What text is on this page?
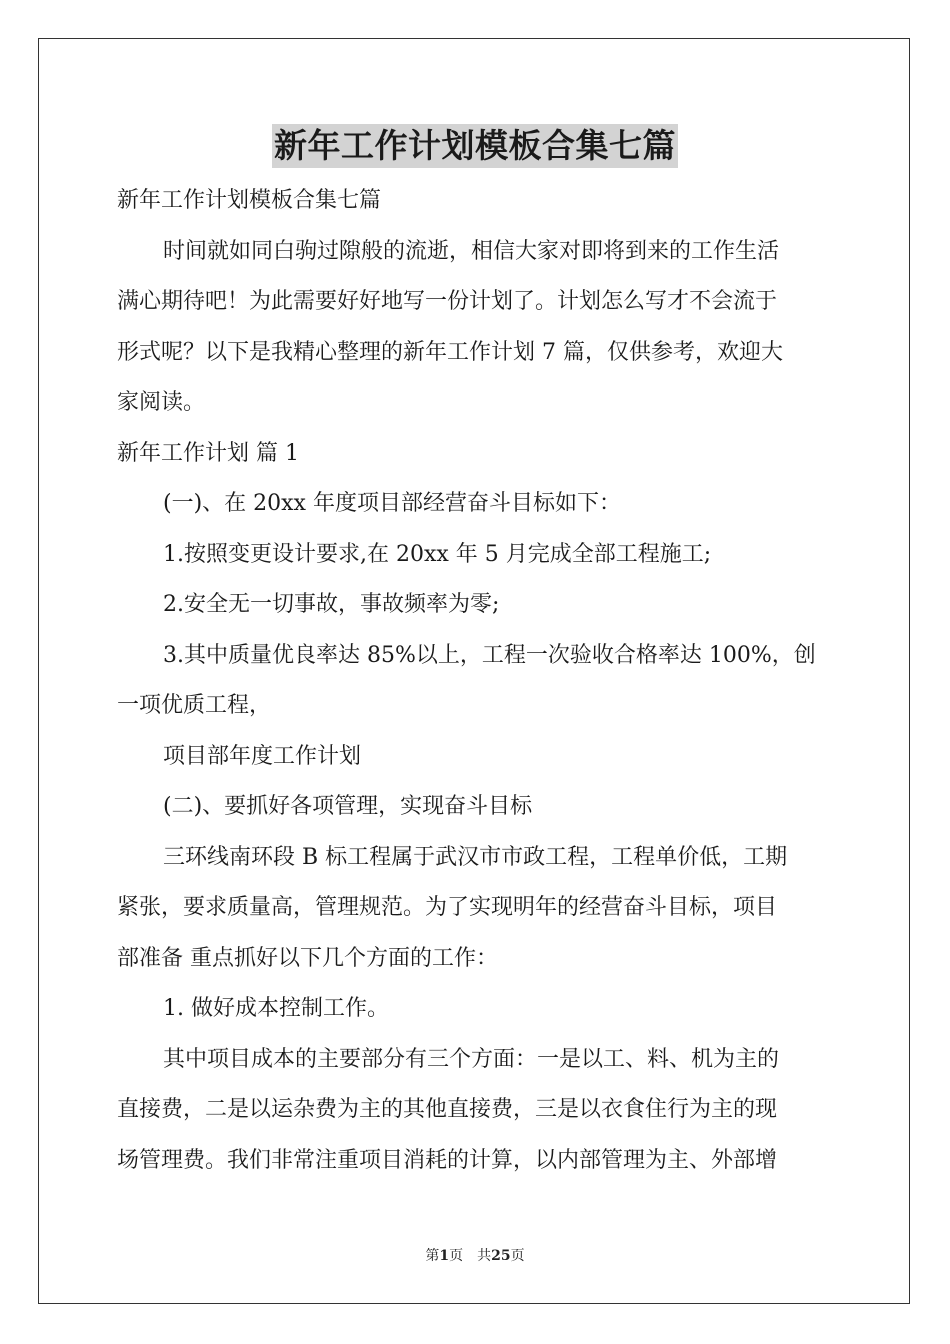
新年工作计划模板合集七篇

新年工作计划模板合集七篇

时间就如同白驹过隙般的流逝，相信大家对即将到来的工作生活

满心期待吧！为此需要好好地写一份计划了。计划怎么写才不会流于

形式呢？以下是我精心整理的新年工作计划 7 篇，仅供参考，欢迎大

家阅读。

新年工作计划 篇 1

(一)、在 20xx 年度项目部经营奋斗目标如下：

1.按照变更设计要求,在 20xx 年 5 月完成全部工程施工;

2.安全无一切事故，事故频率为零;

3.其中质量优良率达 85%以上，工程一次验收合格率达 100%，创

一项优质工程，

项目部年度工作计划

(二)、要抓好各项管理，实现奋斗目标

三环线南环段 B 标工程属于武汉市市政工程，工程单价低，工期

紧张，要求质量高，管理规范。为了实现明年的经营奋斗目标，项目

部准备 重点抓好以下几个方面的工作：

1. 做好成本控制工作。

其中项目成本的主要部分有三个方面：一是以工、料、机为主的

直接费，二是以运杂费为主的其他直接费，三是以衣食住行为主的现

场管理费。我们非常注重项目消耗的计算，以内部管理为主、外部增

第1页 共25页
